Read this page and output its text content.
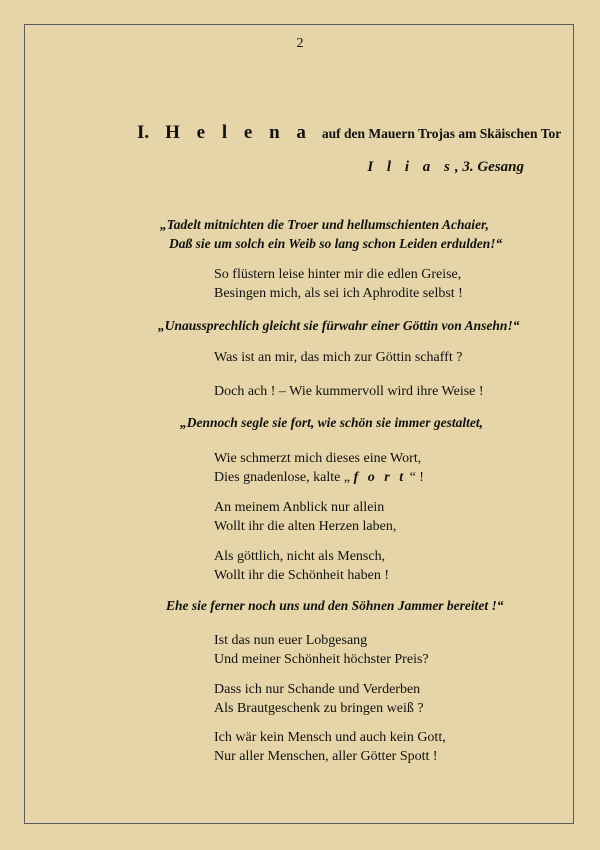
2
I. H e l e n a auf den Mauern Trojas am Skäischen Tor
I l i a s, 3. Gesang
„Tadelt mitnichten die Troer und hellumschienten Achaier,
Daß sie um solch ein Weib so lang schon Leiden erdulden!“
So flüstern leise hinter mir die edlen Greise,
Besingen mich, als sei ich Aphrodite selbst !
„Unaussprechlich gleicht sie fürwahr einer Göttin von Ansehn!“
Was ist an mir, das mich zur Göttin schafft ?
Doch ach ! – Wie kummervoll wird ihre Weise !
„Dennoch segle sie fort, wie schön sie immer gestaltet,
Wie schmerzt mich dieses eine Wort,
Dies gnadenlose, kalte „ f o r t “ !
An meinem Anblick nur allein
Wollt ihr die alten Herzen laben,
Als göttlich, nicht als Mensch,
Wollt ihr die Schönheit haben !
Ehe sie ferner noch uns und den Söhnen Jammer bereitet !“
Ist das nun euer Lobgesang
Und meiner Schönheit höchster Preis?
Dass ich nur Schande und Verderben
Als Brautgeschenk zu bringen weiß ?
Ich wär kein Mensch und auch kein Gott,
Nur aller Menschen, aller Götter Spott !
